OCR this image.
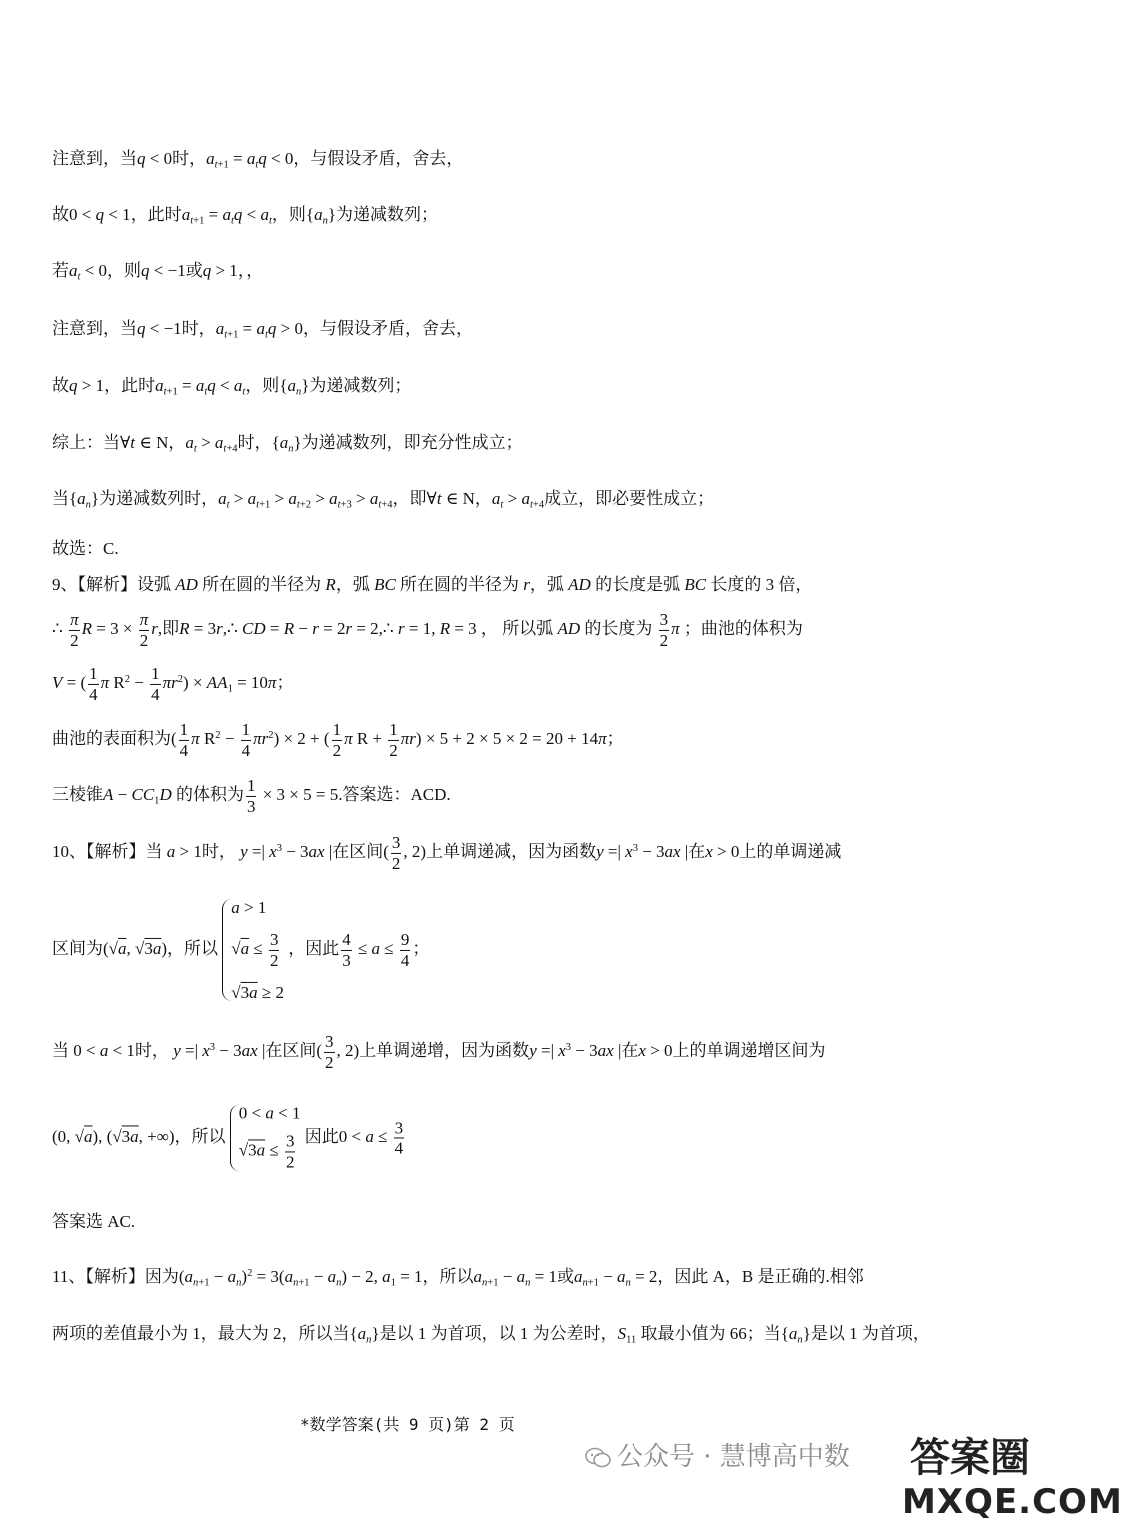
注意到，当q < 0时，$a_{t+1} = a_tq < 0$，与假设矛盾，舍去，
故0 < q < 1，此时$a_{t+1} = a_tq < a_t$，则$\{a_n\}$为递减数列；
若$a_t < 0$，则q < −1或q > 1，，
注意到，当q < −1时，$a_{t+1} = a_tq > 0$，与假设矛盾，舍去，
故q > 1，此时$a_{t+1} = a_tq < a_t$，则$\{a_n\}$为递减数列；
综上：当∀t ∈ N，$a_t > a_{t+4}$时，$\{a_n\}$为递减数列，即充分性成立；
当$\{a_n\}$为递减数列时，$a_t > a_{t+1} > a_{t+2} > a_{t+3} > a_{t+4}$，即∀t ∈ N，$a_t > a_{t+4}$成立，即必要性成立；
故选：C.
9、【解析】设弧 AD 所在圆的半径为 R，弧 BC 所在圆的半径为 r，弧 AD 的长度是弧 BC 长度的 3 倍，
∴ $\frac{\pi}{2}$ $R = 3 \times \frac{\pi}{2} r$,即R = 3r,∴ CD = R − r = 2r = 2,∴ r = 1, R = 3 ， 所以弧 AD 的长度为 $\frac{3}{2}$ π ；曲池的体积为
V = ( $\frac{1}{4}$ π $R^2 - \frac{1}{4} \pi r^2) \times AA_1 = 10\pi$；
曲池的表面积为( $\frac{1}{4}$ π $R^2 - \frac{1}{4} \pi r^2) \times 2$ + ( $\frac{1}{2}$ π $R + \frac{1}{2} \pi r) \times 5 + 2 \times 5 \times 2 = 20 + 14\pi$；
三棱锥$A - CC_1D$ 的体积为 $\frac{1}{3} \times 3 \times 5 = 5$.答案选：ACD.
10、【解析】当 a > 1时， y =| $x^3 - 3ax$ |在区间( $\frac{3}{2}$ , 2)上单调递减，因为函数y =| $x^3 - 3ax$ |在x > 0上的单调递减
区间为(√a, √3a)，所以
a > 1
$√a \le \frac{3}{2}$
√3a ≥ 2
，因此 $\frac{4}{3} \le a \le \frac{9}{4}$ ；
当 0 < a < 1时， y =| $x^3 - 3ax$ |在区间( $\frac{3}{2}$ , 2)上单调递增，因为函数y =| $x^3 - 3ax$ |在x > 0上的单调递增区间为
(0, √a), (√3a, +∞)，所以
0 < a < 1
$√3a \le \frac{3}{2}$ 因此$0 < a \le \frac{3}{4}$
答案选 AC.
11、【解析】因为$(a_{n+1} - a_n)^2 = 3(a_{n+1} - a_n) - 2$, $a_1 = 1$，所以$a_{n+1} - a_n = 1$或$a_{n+1} - a_n = 2$，因此 A，B 是正确的.相邻
两项的差值最小为 1，最大为 2，所以当$\{a_n\}$是以 1 为首项，以 1 为公差时，$S_{11}$ 取最小值为 66；当$\{a_n\}$是以 1 为首项，
*数学答案(共 9 页)第 2 页
公众号 · 慧博高中数 答案圈
MXQE.COM
